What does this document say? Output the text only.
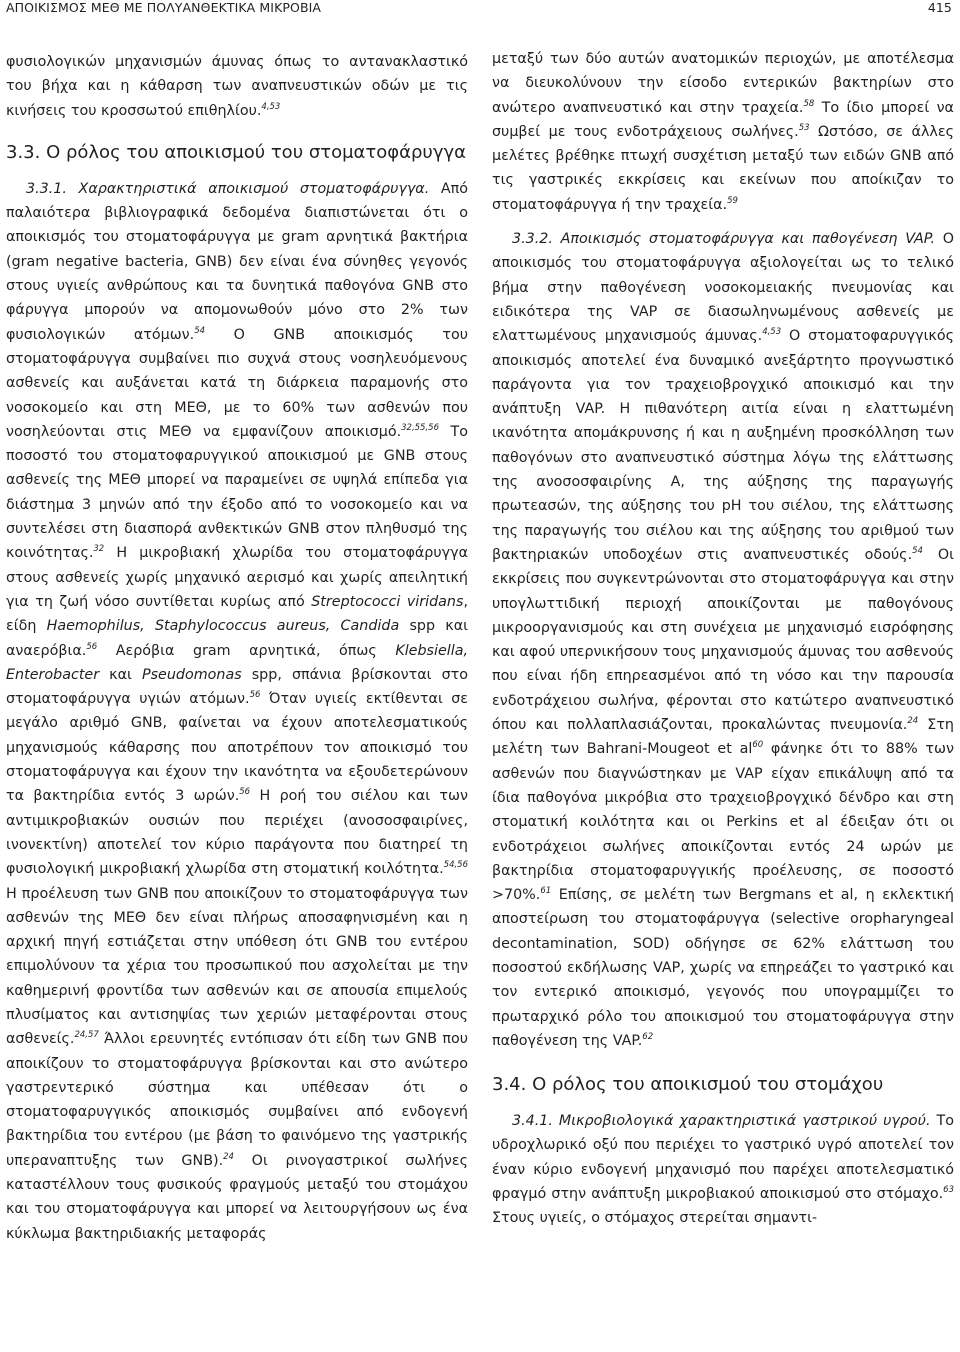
ΑΠΟΙΚΙΣΜΟΣ ΜΕΘ ΜΕ ΠΟΛΥΑΝΘΕΚΤΙΚΑ ΜΙΚΡΟΒΙΑ	415

φυσιολογικών μηχανισμών άμυνας όπως το αντανακλαστικό του βήχα και η κάθαρση των αναπνευστικών οδών με τις κινήσεις του κροσσωτού επιθηλίου.$^{4,53}$

3.3. Ο ρόλος του αποικισμού του στοματοφάρυγγα

3.3.1. Χαρακτηριστικά αποικισμού στοματοφάρυγγα. Από παλαιότερα βιβλιογραφικά δεδομένα διαπιστώνεται ότι ο αποικισμός του στοματοφάρυγγα με gram αρνητικά βακτήρια (gram negative bacteria, GNB) δεν είναι ένα σύνηθες γεγονός στους υγιείς ανθρώπους και τα δυνητικά παθογόνα GNB στο φάρυγγα μπορούν να απομονωθούν μόνο στο 2% των φυσιολογικών ατόμων.$^{54}$ Ο GNB αποικισμός του στοματοφάρυγγα συμβαίνει πιο συχνά στους νοσηλευόμενους ασθενείς και αυξάνεται κατά τη διάρκεια παραμονής στο νοσοκομείο και στη ΜΕΘ, με το 60% των ασθενών που νοσηλεύονται στις ΜΕΘ να εμφανίζουν αποικισμό.$^{32,55,56}$ Το ποσοστό του στοματοφαρυγγικού αποικισμού με GNB στους ασθενείς της ΜΕΘ μπορεί να παραμείνει σε υψηλά επίπεδα για διάστημα 3 μηνών από την έξοδο από το νοσοκομείο και να συντελέσει στη διασπορά ανθεκτικών GNB στον πληθυσμό της κοινότητας.$^{32}$ Η μικροβιακή χλωρίδα του στοματοφάρυγγα στους ασθενείς χωρίς μηχανικό αερισμό και χωρίς απειλητική για τη ζωή νόσο συντίθεται κυρίως από Streptococci viridans, είδη Haemophilus, Staphylococcus aureus, Candida spp και αναερόβια.$^{56}$ Αερόβια gram αρνητικά, όπως Klebsiella, Enterobacter και Pseudomonas spp, σπάνια βρίσκονται στο στοματοφάρυγγα υγιών ατόμων.$^{56}$ Όταν υγιείς εκτίθενται σε μεγάλο αριθμό GNB, φαίνεται να έχουν αποτελεσματικούς μηχανισμούς κάθαρσης που αποτρέπουν τον αποικισμό του στοματοφάρυγγα και έχουν την ικανότητα να εξουδετερώνουν τα βακτηρίδια εντός 3 ωρών.$^{56}$ Η ροή του σιέλου και των αντιμικροβιακών ουσιών που περιέχει (ανοσοσφαιρίνες, ινονεκτίνη) αποτελεί τον κύριο παράγοντα που διατηρεί τη φυσιολογική μικροβιακή χλωρίδα στη στοματική κοιλότητα.$^{54,56}$ Η προέλευση των GNB που αποικίζουν το στοματοφάρυγγα των ασθενών της ΜΕΘ δεν είναι πλήρως αποσαφηνισμένη και η αρχική πηγή εστιάζεται στην υπόθεση ότι GNB του εντέρου επιμολύνουν τα χέρια του προσωπικού που ασχολείται με την καθημερινή φροντίδα των ασθενών και σε απουσία επιμελούς πλυσίματος και αντισηψίας των χεριών μεταφέρονται στους ασθενείς.$^{24,57}$ Άλλοι ερευνητές εντόπισαν ότι είδη των GNB που αποικίζουν το στοματοφάρυγγα βρίσκονται και στο ανώτερο γαστρεντερικό σύστημα και υπέθεσαν ότι ο στοματοφαρυγγικός αποικισμός συμβαίνει από ενδογενή βακτηρίδια του εντέρου (με βάση το φαινόμενο της γαστρικής υπεραναπτυξης των GNB).$^{24}$ Οι ρινογαστρικοί σωλήνες καταστέλλουν τους φυσικούς φραγμούς μεταξύ του στομάχου και του στοματοφάρυγγα και μπορεί να λειτουργήσουν ως ένα κύκλωμα βακτηριδιακής μεταφοράς

μεταξύ των δύο αυτών ανατομικών περιοχών, με αποτέλεσμα να διευκολύνουν την είσοδο εντερικών βακτηρίων στο ανώτερο αναπνευστικό και στην τραχεία.$^{58}$ Το ίδιο μπορεί να συμβεί με τους ενδοτράχειους σωλήνες.$^{53}$ Ωστόσο, σε άλλες μελέτες βρέθηκε πτωχή συσχέτιση μεταξύ των ειδών GNB από τις γαστρικές εκκρίσεις και εκείνων που αποίκιζαν το στοματοφάρυγγα ή την τραχεία.$^{59}$

3.3.2. Αποικισμός στοματοφάρυγγα και παθογένεση VAP. Ο αποικισμός του στοματοφάρυγγα αξιολογείται ως το τελικό βήμα στην παθογένεση νοσοκομειακής πνευμονίας και ειδικότερα της VAP σε διασωληνωμένους ασθενείς με ελαττωμένους μηχανισμούς άμυνας.$^{4,53}$ Ο στοματοφαρυγγικός αποικισμός αποτελεί ένα δυναμικό ανεξάρτητο προγνωστικό παράγοντα για τον τραχειοβρογχικό αποικισμό και την ανάπτυξη VAP. Η πιθανότερη αιτία είναι η ελαττωμένη ικανότητα απομάκρυνσης ή και η αυξημένη προσκόλληση των παθογόνων στο αναπνευστικό σύστημα λόγω της ελάττωσης της ανοσοσφαιρίνης Α, της αύξησης της παραγωγής πρωτεασών, της αύξησης του pH του σιέλου, της ελάττωσης της παραγωγής του σιέλου και της αύξησης του αριθμού των βακτηριακών υποδοχέων στις αναπνευστικές οδούς.$^{54}$ Οι εκκρίσεις που συγκεντρώνονται στο στοματοφάρυγγα και στην υπογλωττιδική περιοχή αποικίζονται με παθογόνους μικροοργανισμούς και στη συνέχεια με μηχανισμό εισρόφησης και αφού υπερνικήσουν τους μηχανισμούς άμυνας του ασθενούς που είναι ήδη επηρεασμένοι από τη νόσο και την παρουσία ενδοτράχειου σωλήνα, φέρονται στο κατώτερο αναπνευστικό όπου και πολλαπλασιάζονται, προκαλώντας πνευμονία.$^{24}$ Στη μελέτη των Bahrani-Mougeot et $al^{60}$ φάνηκε ότι το 88% των ασθενών που διαγνώστηκαν με VAP είχαν επικάλυψη από τα ίδια παθογόνα μικρόβια στο τραχειοβρογχικό δένδρο και στη στοματική κοιλότητα και οι Perkins et al έδειξαν ότι οι ενδοτράχειοι σωλήνες αποικίζονται εντός 24 ωρών με βακτηρίδια στοματοφαρυγγικής προέλευσης, σε ποσοστό >70%.$^{61}$ Επίσης, σε μελέτη των Bergmans et al, η εκλεκτική αποστείρωση του στοματοφάρυγγα (selective oropharyngeal decontamination, SOD) οδήγησε σε 62% ελάττωση του ποσοστού εκδήλωσης VAP, χωρίς να επηρεάζει το γαστρικό και τον εντερικό αποικισμό, γεγονός που υπογραμμίζει το πρωταρχικό ρόλο του αποικισμού του στοματοφάρυγγα στην παθογένεση της VAP.$^{62}$

3.4. Ο ρόλος του αποικισμού του στομάχου

3.4.1. Μικροβιολογικά χαρακτηριστικά γαστρικού υγρού. Το υδροχλωρικό οξύ που περιέχει το γαστρικό υγρό αποτελεί τον έναν κύριο ενδογενή μηχανισμό που παρέχει αποτελεσματικό φραγμό στην ανάπτυξη μικροβιακού αποικισμού στο στόμαχο.$^{63}$ Στους υγιείς, ο στόμαχος στερείται σημαντι-
